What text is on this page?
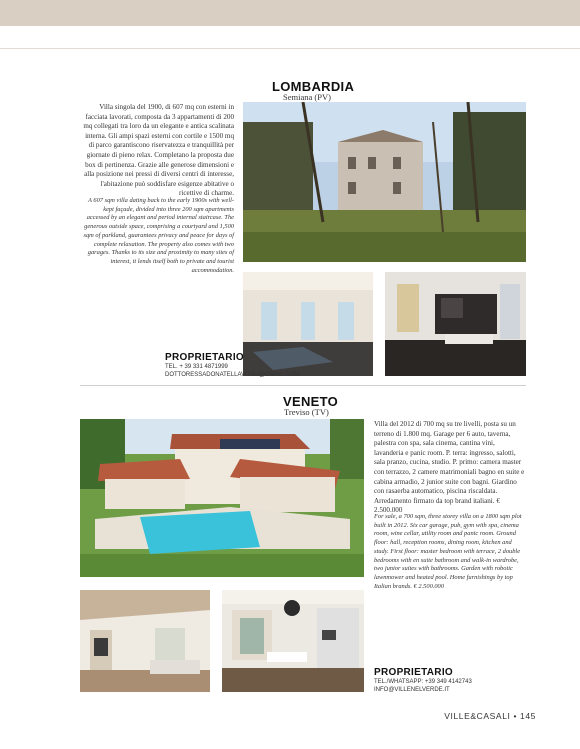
LOMBARDIA
Semiana (PV)
Villa singola del 1900, di 607 mq con esterni in facciata lavorati, composta da 3 appartamenti di 200 mq collegati tra loro da un elegante e antica scalinata interna. Gli ampi spazi esterni con cortile e 1500 mq di parco garantiscono riservatezza e tranquillità per giornate di pieno relax. Completano la proposta due box di pertinenza. Grazie alle generose dimensioni e alla posizione nei pressi di diversi centri di interesse, l'abitazione può soddisfare esigenze abitative o ricettive di charme.
A 607 sqm villa dating back to the early 1900s with well-kept façade, divided into three 200 sqm apartments accessed by an elegant and period internal staircase. The generous outside space, comprising a courtyard and 1,500 sqm of parkland, guarantees privacy and peace for days of complete relaxation. The property also comes with two garages. Thanks to its size and proximity to many sites of interest, it lends itself both to private and tourist accommodation.
PROPRIETARIO
TEL. + 39 331 4871999
DOTTORESSADONATELLAVITALI@GMAIL.COM
VENETO
Treviso (TV)
Villa del 2012 di 700 mq su tre livelli, posta su un terreno di 1.800 mq. Garage per 6 auto, taverna, palestra con spa, sala cinema, cantina vini, lavanderia e panic room. P. terra: ingresso, salotti, sala pranzo, cucina, studio. P. primo: camera master con terrazzo, 2 camere matrimoniali bagno en suite e cabina armadio, 2 junior suite con bagni. Giardino con rasaerba automatico, piscina riscaldata. Arredamento firmato da top brand italiani. € 2.500.000
For sale, a 700 sqm, three storey villa on a 1800 sqm plot built in 2012. Six car garage, pub, gym with spa, cinema room, wine cellar, utility room and panic room. Ground floor: hall, reception rooms, dining room, kitchen and study. First floor: master bedroom with terrace, 2 double bedrooms with en suite bathroom and walk-in wardrobe, two junior suites with bathrooms. Garden with robotic lawnmower and heated pool. Home furnishings by top Italian brands. € 2.500.000
PROPRIETARIO
TEL./WHATSAPP: +39 349 4142743
INFO@VILLENELVERDE.IT
VILLE&CASALI • 145
